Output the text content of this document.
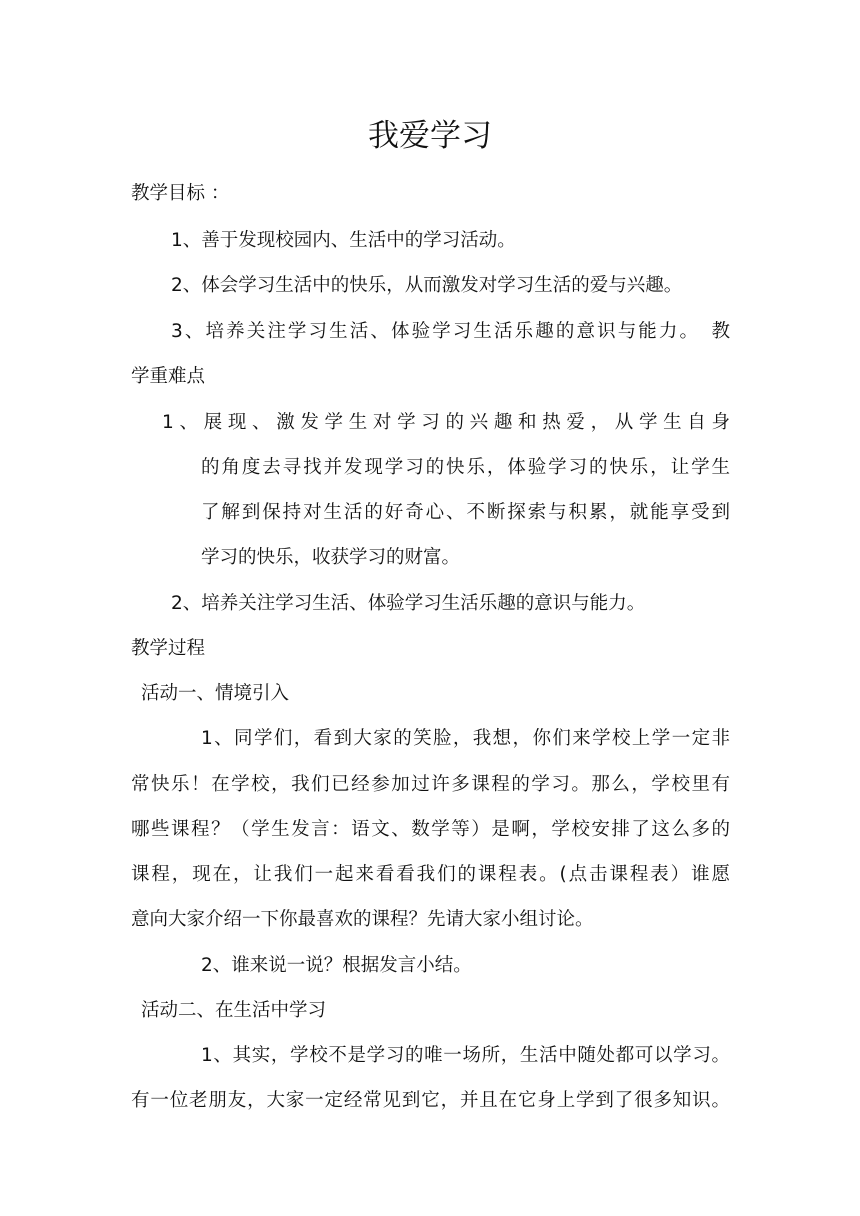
我爱学习
教学目标 ：
1、善于发现校园内、生活中的学习活动。
2、体会学习生活中的快乐，从而激发对学习生活的爱与兴趣。
3、培养关注学习生活、体验学习生活乐趣的意识与能力。　教
学重难点
1、展现、激发学生对学习的兴趣和热爱，从学生自身
的角度去寻找并发现学习的快乐，体验学习的快乐，让学生
了解到保持对生活的好奇心、不断探索与积累，就能享受到
学习的快乐，收获学习的财富。
2、培养关注学习生活、体验学习生活乐趣的意识与能力。
教学过程
活动一、情境引入
1、同学们，看到大家的笑脸，我想，你们来学校上学一定非
常快乐！在学校，我们已经参加过许多课程的学习。那么，学校里有
哪些课程？（学生发言：语文、数学等）是啊，学校安排了这么多的
课程，现在，让我们一起来看看我们的课程表。(点击课程表）谁愿
意向大家介绍一下你最喜欢的课程？先请大家小组讨论。
2、谁来说一说？根据发言小结。
活动二、在生活中学习
1、其实，学校不是学习的唯一场所，生活中随处都可以学习。
有一位老朋友，大家一定经常见到它，并且在它身上学到了很多知识。
